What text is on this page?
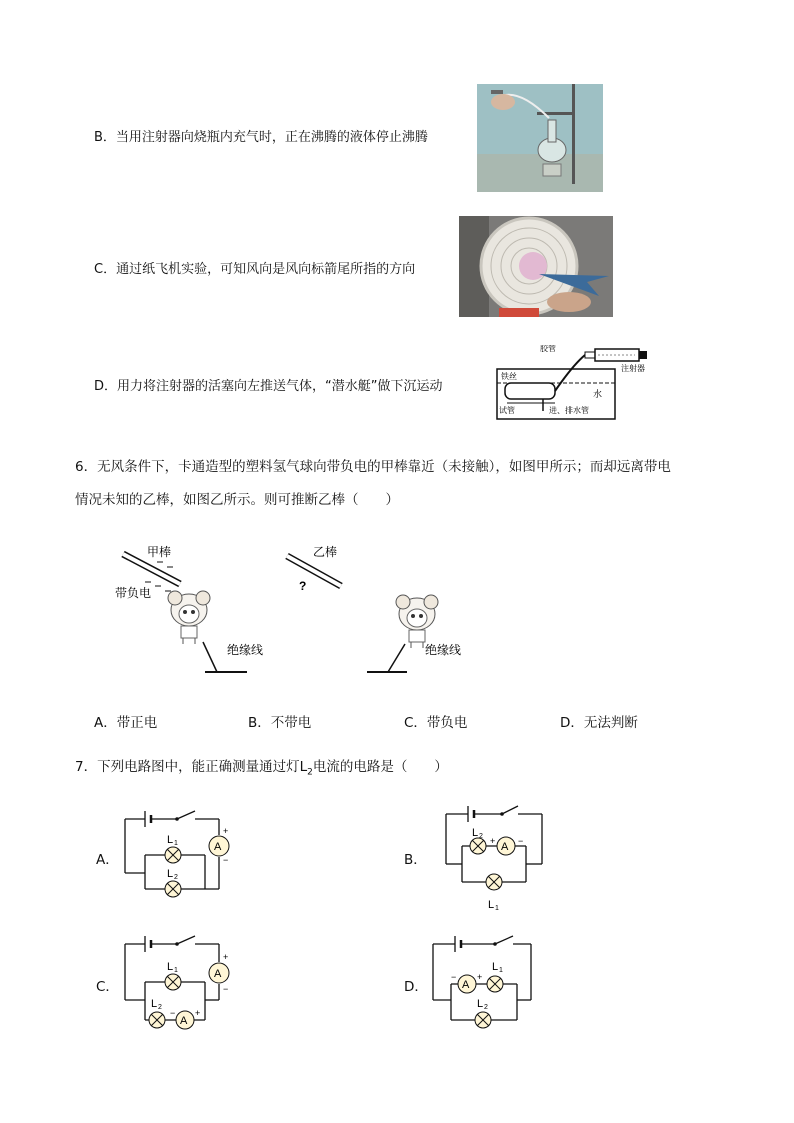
B．当用注射器向烧瓶内充气时，正在沸腾的液体停止沸腾
C．通过纸飞机实验，可知风向是风向标箭尾所指的方向
D．用力将注射器的活塞向左推送气体，“潜水艇”做下沉运动
胶管
注射器
铁丝
水
试管	进、排水管
6．无风条件下，卡通造型的塑料氢气球向带负电的甲棒靠近（未接触），如图甲所示；而却远离带电
情况未知的乙棒，如图乙所示。则可推断乙棒（　　）
甲棒
带负电
绝缘线
乙棒
?
绝缘线
A．带正电	B．不带电	C．带负电	D．无法判断
7．下列电路图中，能正确测量通过灯$L_2$电流的电路是（　　）
A．
A
+
−
L 1
L 2
B．
A
+	−
L 2
L 1
C．
A
− +
A
+
−
L 1
L 2
D．	A
− +
L 1
L 2
